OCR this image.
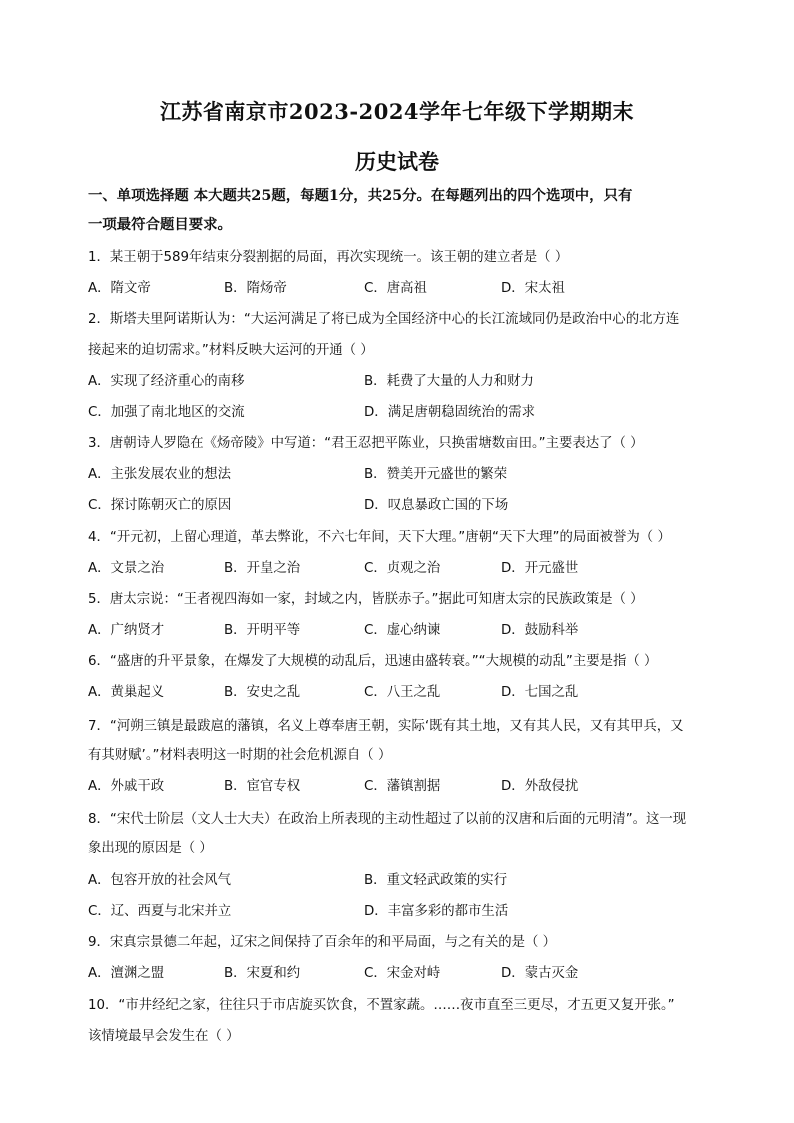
江苏省南京市2023-2024学年七年级下学期期末
历史试卷
一、单项选择题 本大题共25题，每题1分，共25分。在每题列出的四个选项中，只有
一项最符合题目要求。
1．某王朝于589年结束分裂割据的局面，再次实现统一。该王朝的建立者是（ ）
A．隋文帝	B．隋炀帝	C．唐高祖	D．宋太祖
2．斯塔夫里阿诺斯认为：“大运河满足了将已成为全国经济中心的长江流域同仍是政治中心的北方连
接起来的迫切需求。”材料反映大运河的开通（ ）
A．实现了经济重心的南移	B．耗费了大量的人力和财力
C．加强了南北地区的交流	D．满足唐朝稳固统治的需求
3．唐朝诗人罗隐在《炀帝陵》中写道：“君王忍把平陈业，只换雷塘数亩田。”主要表达了（ ）
A．主张发展农业的想法	B．赞美开元盛世的繁荣
C．探讨陈朝灭亡的原因	D．叹息暴政亡国的下场
4．“开元初，上留心理道，革去弊讹，不六七年间，天下大理。”唐朝“天下大理”的局面被誉为（ ）
A．文景之治	B．开皇之治	C．贞观之治	D．开元盛世
5．唐太宗说：“王者视四海如一家，封域之内，皆朕赤子。”据此可知唐太宗的民族政策是（ ）
A．广纳贤才	B．开明平等	C．虚心纳谏	D．鼓励科举
6．“盛唐的升平景象，在爆发了大规模的动乱后，迅速由盛转衰。”“大规模的动乱”主要是指（ ）
A．黄巢起义	B．安史之乱	C．八王之乱	D．七国之乱
7．“河朔三镇是最跋扈的藩镇，名义上尊奉唐王朝，实际‘既有其土地，又有其人民，又有其甲兵，又
有其财赋’。”材料表明这一时期的社会危机源自（ ）
A．外戚干政	B．宦官专权	C．藩镇割据	D．外敌侵扰
8．“宋代士阶层（文人士大夫）在政治上所表现的主动性超过了以前的汉唐和后面的元明清”。这一现
象出现的原因是（ ）
A．包容开放的社会风气	B．重文轻武政策的实行
C．辽、西夏与北宋并立	D．丰富多彩的都市生活
9．宋真宗景德二年起，辽宋之间保持了百余年的和平局面，与之有关的是（ ）
A．澶渊之盟	B．宋夏和约	C．宋金对峙	D．蒙古灭金
10．“市井经纪之家，往往只于市店旋买饮食，不置家蔬。……夜市直至三更尽，才五更又复开张。”
该情境最早会发生在（ ）
